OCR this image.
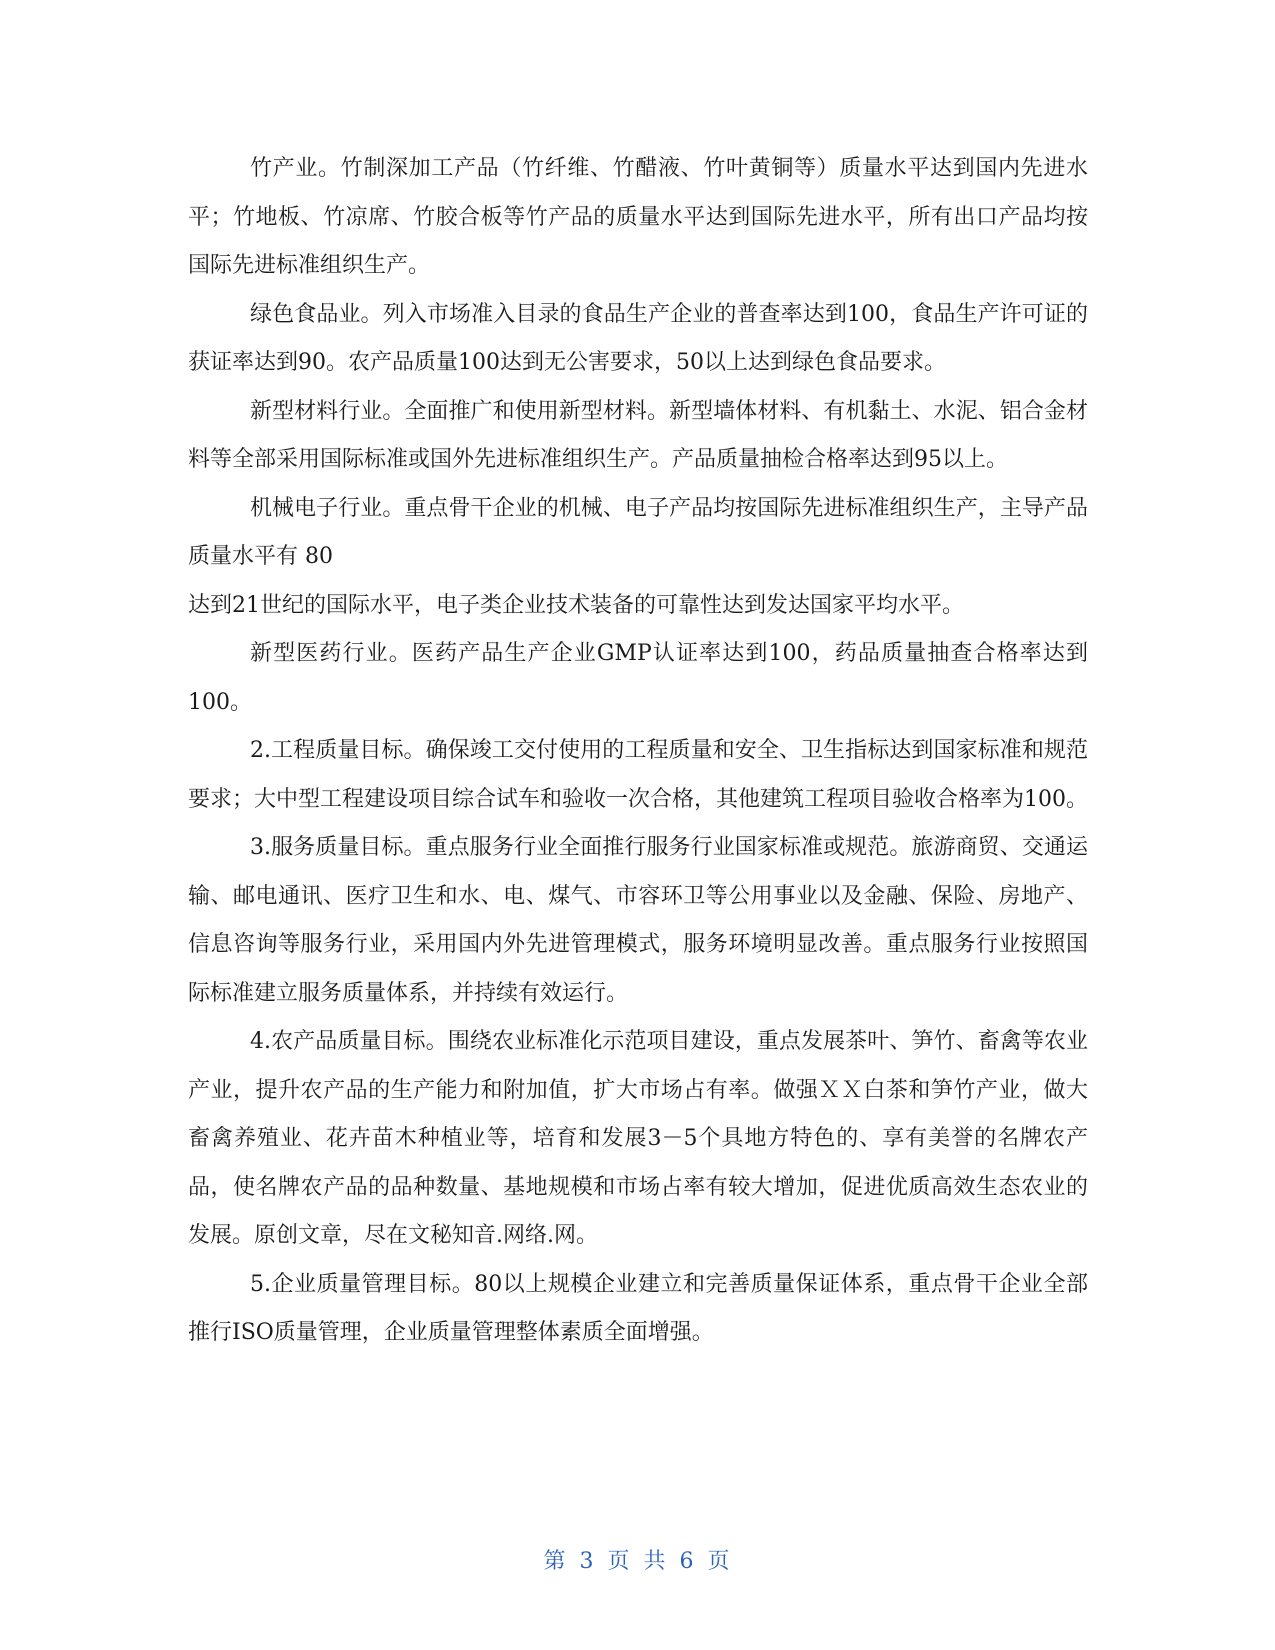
竹产业。竹制深加工产品（竹纤维、竹醋液、竹叶黄铜等）质量水平达到国内先进水平；竹地板、竹凉席、竹胶合板等竹产品的质量水平达到国际先进水平，所有出口产品均按国际先进标准组织生产。

绿色食品业。列入市场准入目录的食品生产企业的普查率达到100，食品生产许可证的获证率达到90。农产品质量100达到无公害要求，50以上达到绿色食品要求。

新型材料行业。全面推广和使用新型材料。新型墙体材料、有机黏土、水泥、铝合金材料等全部采用国际标准或国外先进标准组织生产。产品质量抽检合格率达到95以上。

机械电子行业。重点骨干企业的机械、电子产品均按国际先进标准组织生产，主导产品质量水平有 80

达到21世纪的国际水平，电子类企业技术装备的可靠性达到发达国家平均水平。

新型医药行业。医药产品生产企业GMP认证率达到100，药品质量抽查合格率达到100。

2.工程质量目标。确保竣工交付使用的工程质量和安全、卫生指标达到国家标准和规范要求；大中型工程建设项目综合试车和验收一次合格，其他建筑工程项目验收合格率为100。

3.服务质量目标。重点服务行业全面推行服务行业国家标准或规范。旅游商贸、交通运输、邮电通讯、医疗卫生和水、电、煤气、市容环卫等公用事业以及金融、保险、房地产、信息咨询等服务行业，采用国内外先进管理模式，服务环境明显改善。重点服务行业按照国际标准建立服务质量体系，并持续有效运行。

4.农产品质量目标。围绕农业标准化示范项目建设，重点发展茶叶、笋竹、畜禽等农业产业，提升农产品的生产能力和附加值，扩大市场占有率。做强ＸＸ白茶和笋竹产业，做大畜禽养殖业、花卉苗木种植业等，培育和发展3－5个具地方特色的、享有美誉的名牌农产品，使名牌农产品的品种数量、基地规模和市场占率有较大增加，促进优质高效生态农业的发展。原创文章，尽在文秘知音.网络.网。

5.企业质量管理目标。80以上规模企业建立和完善质量保证体系，重点骨干企业全部推行ISO质量管理，企业质量管理整体素质全面增强。

第 3 页 共 6 页
